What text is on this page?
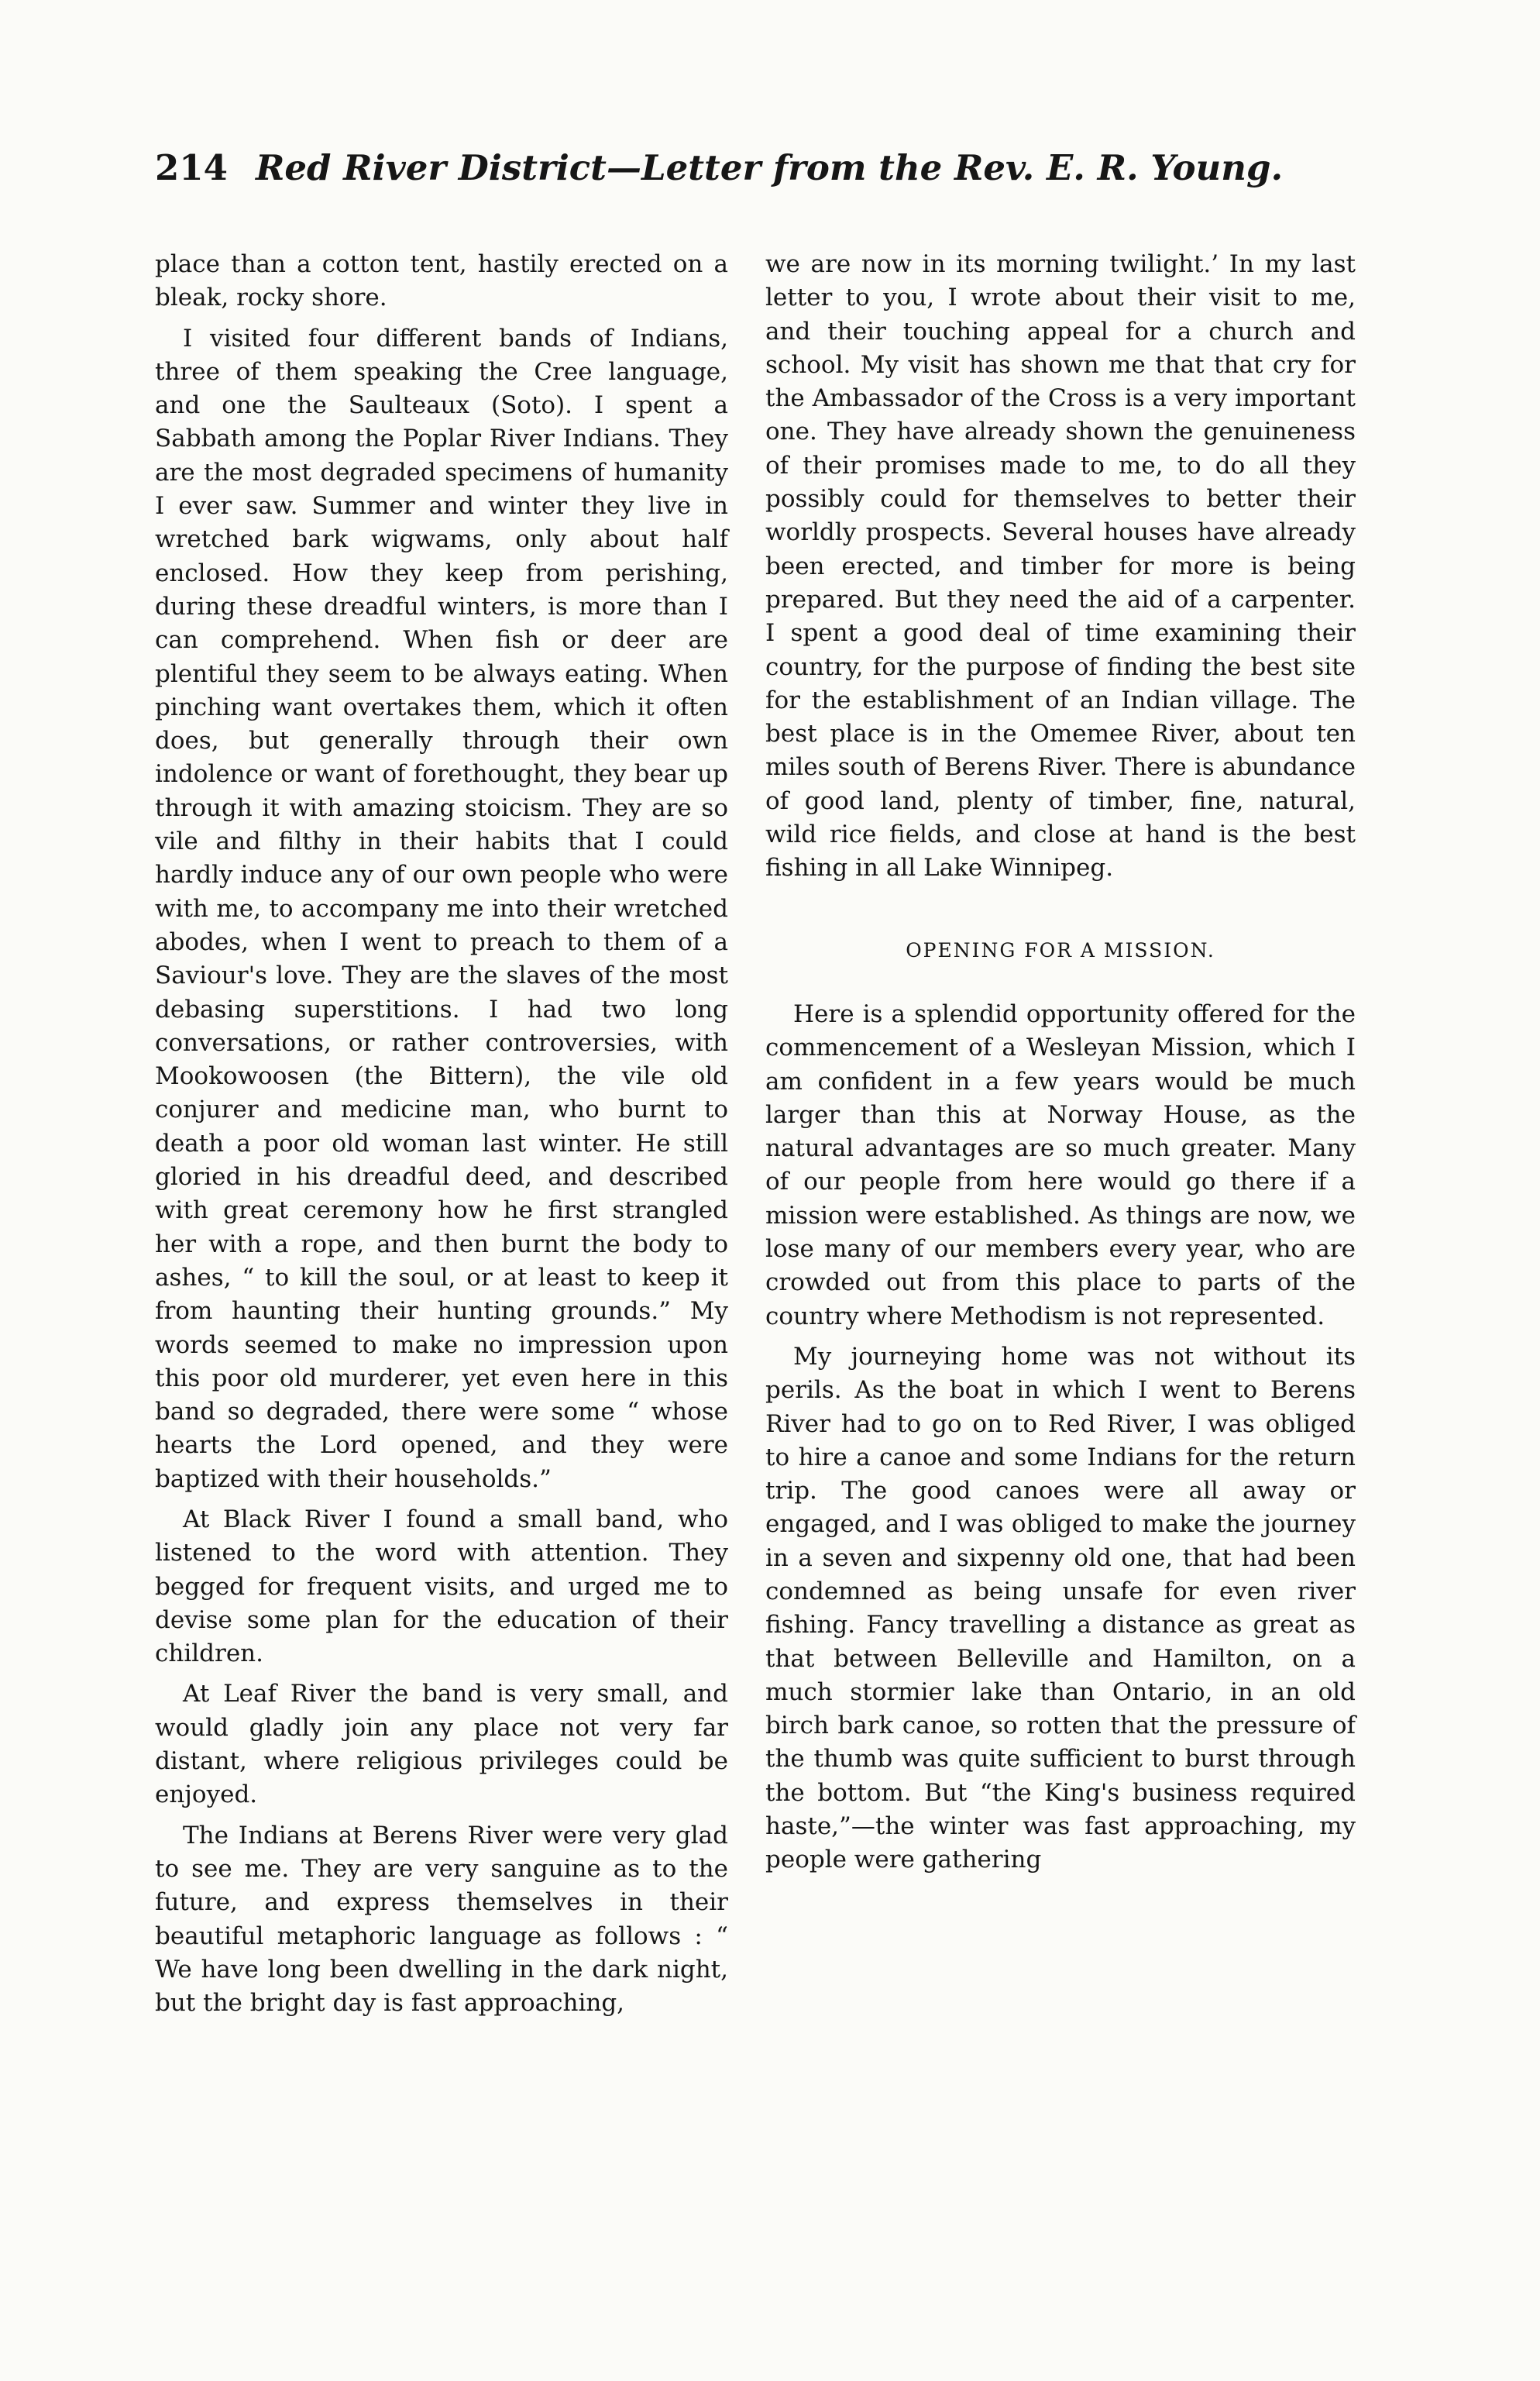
214 Red River District—Letter from the Rev. E. R. Young.

place than a cotton tent, hastily erected on a bleak, rocky shore.

I visited four different bands of Indians, three of them speaking the Cree language, and one the Saulteaux (Soto). I spent a Sabbath among the Poplar River Indians. They are the most degraded specimens of humanity I ever saw. Summer and winter they live in wretched bark wigwams, only about half enclosed. How they keep from perishing, during these dreadful winters, is more than I can comprehend. When fish or deer are plentiful they seem to be always eating. When pinching want overtakes them, which it often does, but generally through their own indolence or want of forethought, they bear up through it with amazing stoicism. They are so vile and filthy in their habits that I could hardly induce any of our own people who were with me, to accompany me into their wretched abodes, when I went to preach to them of a Saviour's love. They are the slaves of the most debasing superstitions. I had two long conversations, or rather controversies, with Mookowoosen (the Bittern), the vile old conjurer and medicine man, who burnt to death a poor old woman last winter. He still gloried in his dreadful deed, and described with great ceremony how he first strangled her with a rope, and then burnt the body to ashes, “ to kill the soul, or at least to keep it from haunting their hunting grounds.” My words seemed to make no impression upon this poor old murderer, yet even here in this band so degraded, there were some “ whose hearts the Lord opened, and they were baptized with their households.”

At Black River I found a small band, who listened to the word with attention. They begged for frequent visits, and urged me to devise some plan for the education of their children.

At Leaf River the band is very small, and would gladly join any place not very far distant, where religious privileges could be enjoyed.

The Indians at Berens River were very glad to see me. They are very sanguine as to the future, and express themselves in their beautiful metaphoric language as follows : “ We have long been dwelling in the dark night, but the bright day is fast approaching,

we are now in its morning twilight.’ In my last letter to you, I wrote about their visit to me, and their touching appeal for a church and school. My visit has shown me that that cry for the Ambassador of the Cross is a very important one. They have already shown the genuineness of their promises made to me, to do all they possibly could for themselves to better their worldly prospects. Several houses have already been erected, and timber for more is being prepared. But they need the aid of a carpenter. I spent a good deal of time examining their country, for the purpose of finding the best site for the establishment of an Indian village. The best place is in the Omemee River, about ten miles south of Berens River. There is abundance of good land, plenty of timber, fine, natural, wild rice fields, and close at hand is the best fishing in all Lake Winnipeg.

OPENING FOR A MISSION.

Here is a splendid opportunity offered for the commencement of a Wesleyan Mission, which I am confident in a few years would be much larger than this at Norway House, as the natural advantages are so much greater. Many of our people from here would go there if a mission were established. As things are now, we lose many of our members every year, who are crowded out from this place to parts of the country where Methodism is not represented.

My journeying home was not without its perils. As the boat in which I went to Berens River had to go on to Red River, I was obliged to hire a canoe and some Indians for the return trip. The good canoes were all away or engaged, and I was obliged to make the journey in a seven and sixpenny old one, that had been condemned as being unsafe for even river fishing. Fancy travelling a distance as great as that between Belleville and Hamilton, on a much stormier lake than Ontario, in an old birch bark canoe, so rotten that the pressure of the thumb was quite sufficient to burst through the bottom. But “the King's business required haste,”—the winter was fast approaching, my people were gathering
